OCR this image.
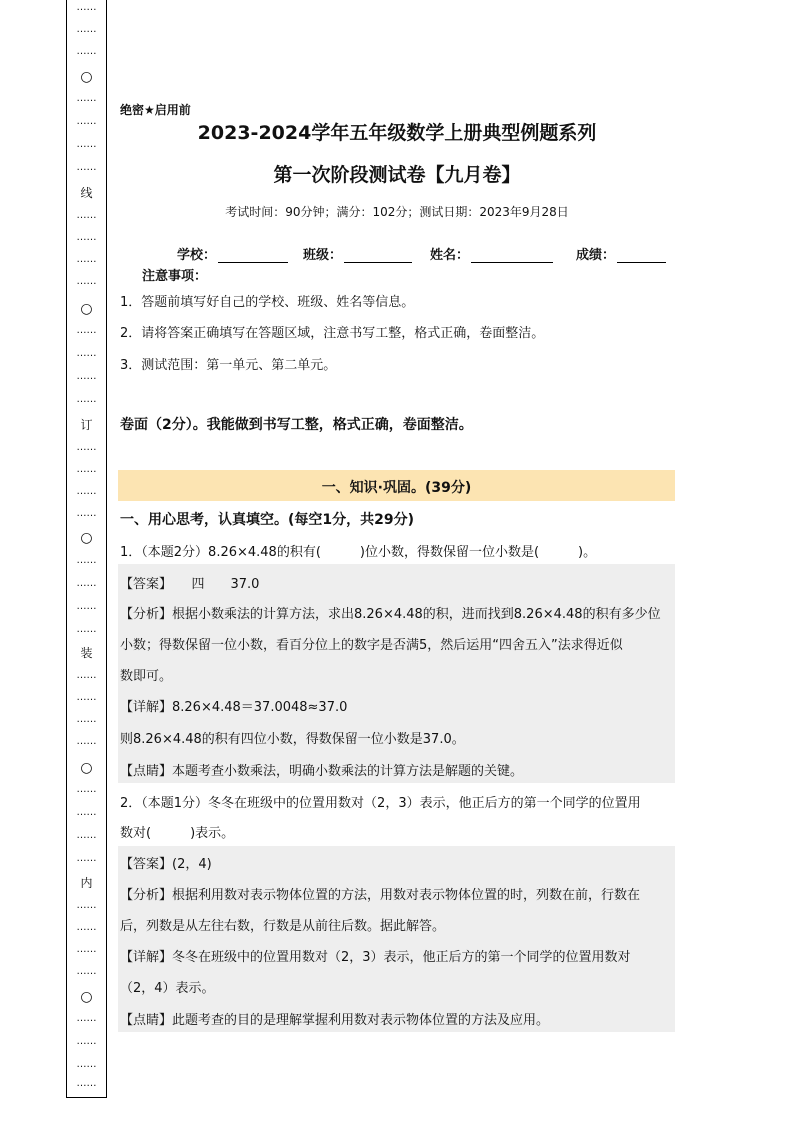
……
……
……
○
……
……
……
……
线
……
……
……
……
○
……
……
……
……
订
……
……
……
……
○
……
……
……
……
装
……
……
……
……
○
……
……
……
……
内
……
……
……
……
○
……
……
……
……
绝密★启用前
2023-2024学年五年级数学上册典型例题系列
第一次阶段测试卷【九月卷】
考试时间：90分钟；满分：102分；测试日期：2023年9月28日
学校：	班级：	姓名：	成绩：
注意事项：
1．答题前填写好自己的学校、班级、姓名等信息。
2．请将答案正确填写在答题区域，注意书写工整，格式正确，卷面整洁。
3．测试范围：第一单元、第二单元。
卷面（2分）。我能做到书写工整，格式正确，卷面整洁。
一、知识·巩固。(39分)
一、用心思考，认真填空。(每空1分，共29分)
1．（本题2分）8.26×4.48的积有(　　　)位小数，得数保留一位小数是(　　　)。
【答案】　　四　　37.0
【分析】根据小数乘法的计算方法，求出8.26×4.48的积，进而找到8.26×4.48的积有多少位
小数；得数保留一位小数，看百分位上的数字是否满5，然后运用“四舍五入”法求得近似
数即可。
【详解】8.26×4.48＝37.0048≈37.0
则8.26×4.48的积有四位小数，得数保留一位小数是37.0。
【点睛】本题考查小数乘法，明确小数乘法的计算方法是解题的关键。
2．（本题1分）冬冬在班级中的位置用数对（2，3）表示，他正后方的第一个同学的位置用
数对(　　　)表示。
【答案】(2，4)
【分析】根据利用数对表示物体位置的方法，用数对表示物体位置的时，列数在前，行数在
后，列数是从左往右数，行数是从前往后数。据此解答。
【详解】冬冬在班级中的位置用数对（2，3）表示，他正后方的第一个同学的位置用数对
（2，4）表示。
【点睛】此题考查的目的是理解掌握利用数对表示物体位置的方法及应用。
